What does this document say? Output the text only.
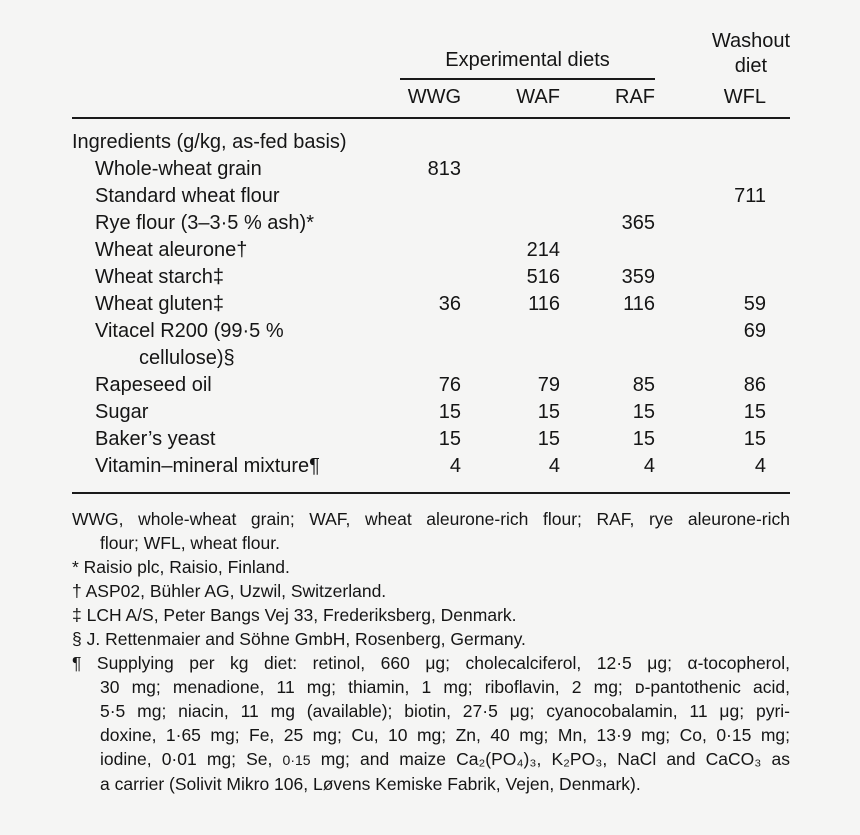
	Experimental diets			Washout
diet

	WWG	WAF	RAF	WFL
Ingredients (g/kg, as-fed basis)				
Whole-wheat grain	813			
Standard wheat flour				711
Rye flour (3–3·5 % ash)*			365	
Wheat aleurone†		214		
Wheat starch‡		516	359	
Wheat gluten‡	36	116	116	59

Vitacel R200 (99·5 %
cellulose)§				69
Rapeseed oil	76	79	85	86
Sugar	15	15	15	15
Baker’s yeast	15	15	15	15
Vitamin–mineral mixture¶	4	4	4	4
WWG, whole-wheat grain; WAF, wheat aleurone-rich flour; RAF, rye aleurone-rich
flour; WFL, wheat flour.
* Raisio plc, Raisio, Finland.
† ASP02, Bühler AG, Uzwil, Switzerland.
‡ LCH A/S, Peter Bangs Vej 33, Frederiksberg, Denmark.
§ J. Rettenmaier and Söhne GmbH, Rosenberg, Germany.
¶ Supplying per kg diet: retinol, 660 μg; cholecalciferol, 12·5 μg; α-tocopherol,
30 mg; menadione, 11 mg; thiamin, 1 mg; riboflavin, 2 mg; ᴅ-pantothenic acid,
5·5 mg; niacin, 11 mg (available); biotin, 27·5 μg; cyanocobalamin, 11 μg; pyri-
doxine, 1·65 mg; Fe, 25 mg; Cu, 10 mg; Zn, 40 mg; Mn, 13·9 mg; Co, 0·15 mg;
iodine, 0·01 mg; Se, 0·15 mg; and maize Ca₂(PO₄)₃, K₂PO₃, NaCl and CaCO₃ as
a carrier (Solivit Mikro 106, Løvens Kemiske Fabrik, Vejen, Denmark).
